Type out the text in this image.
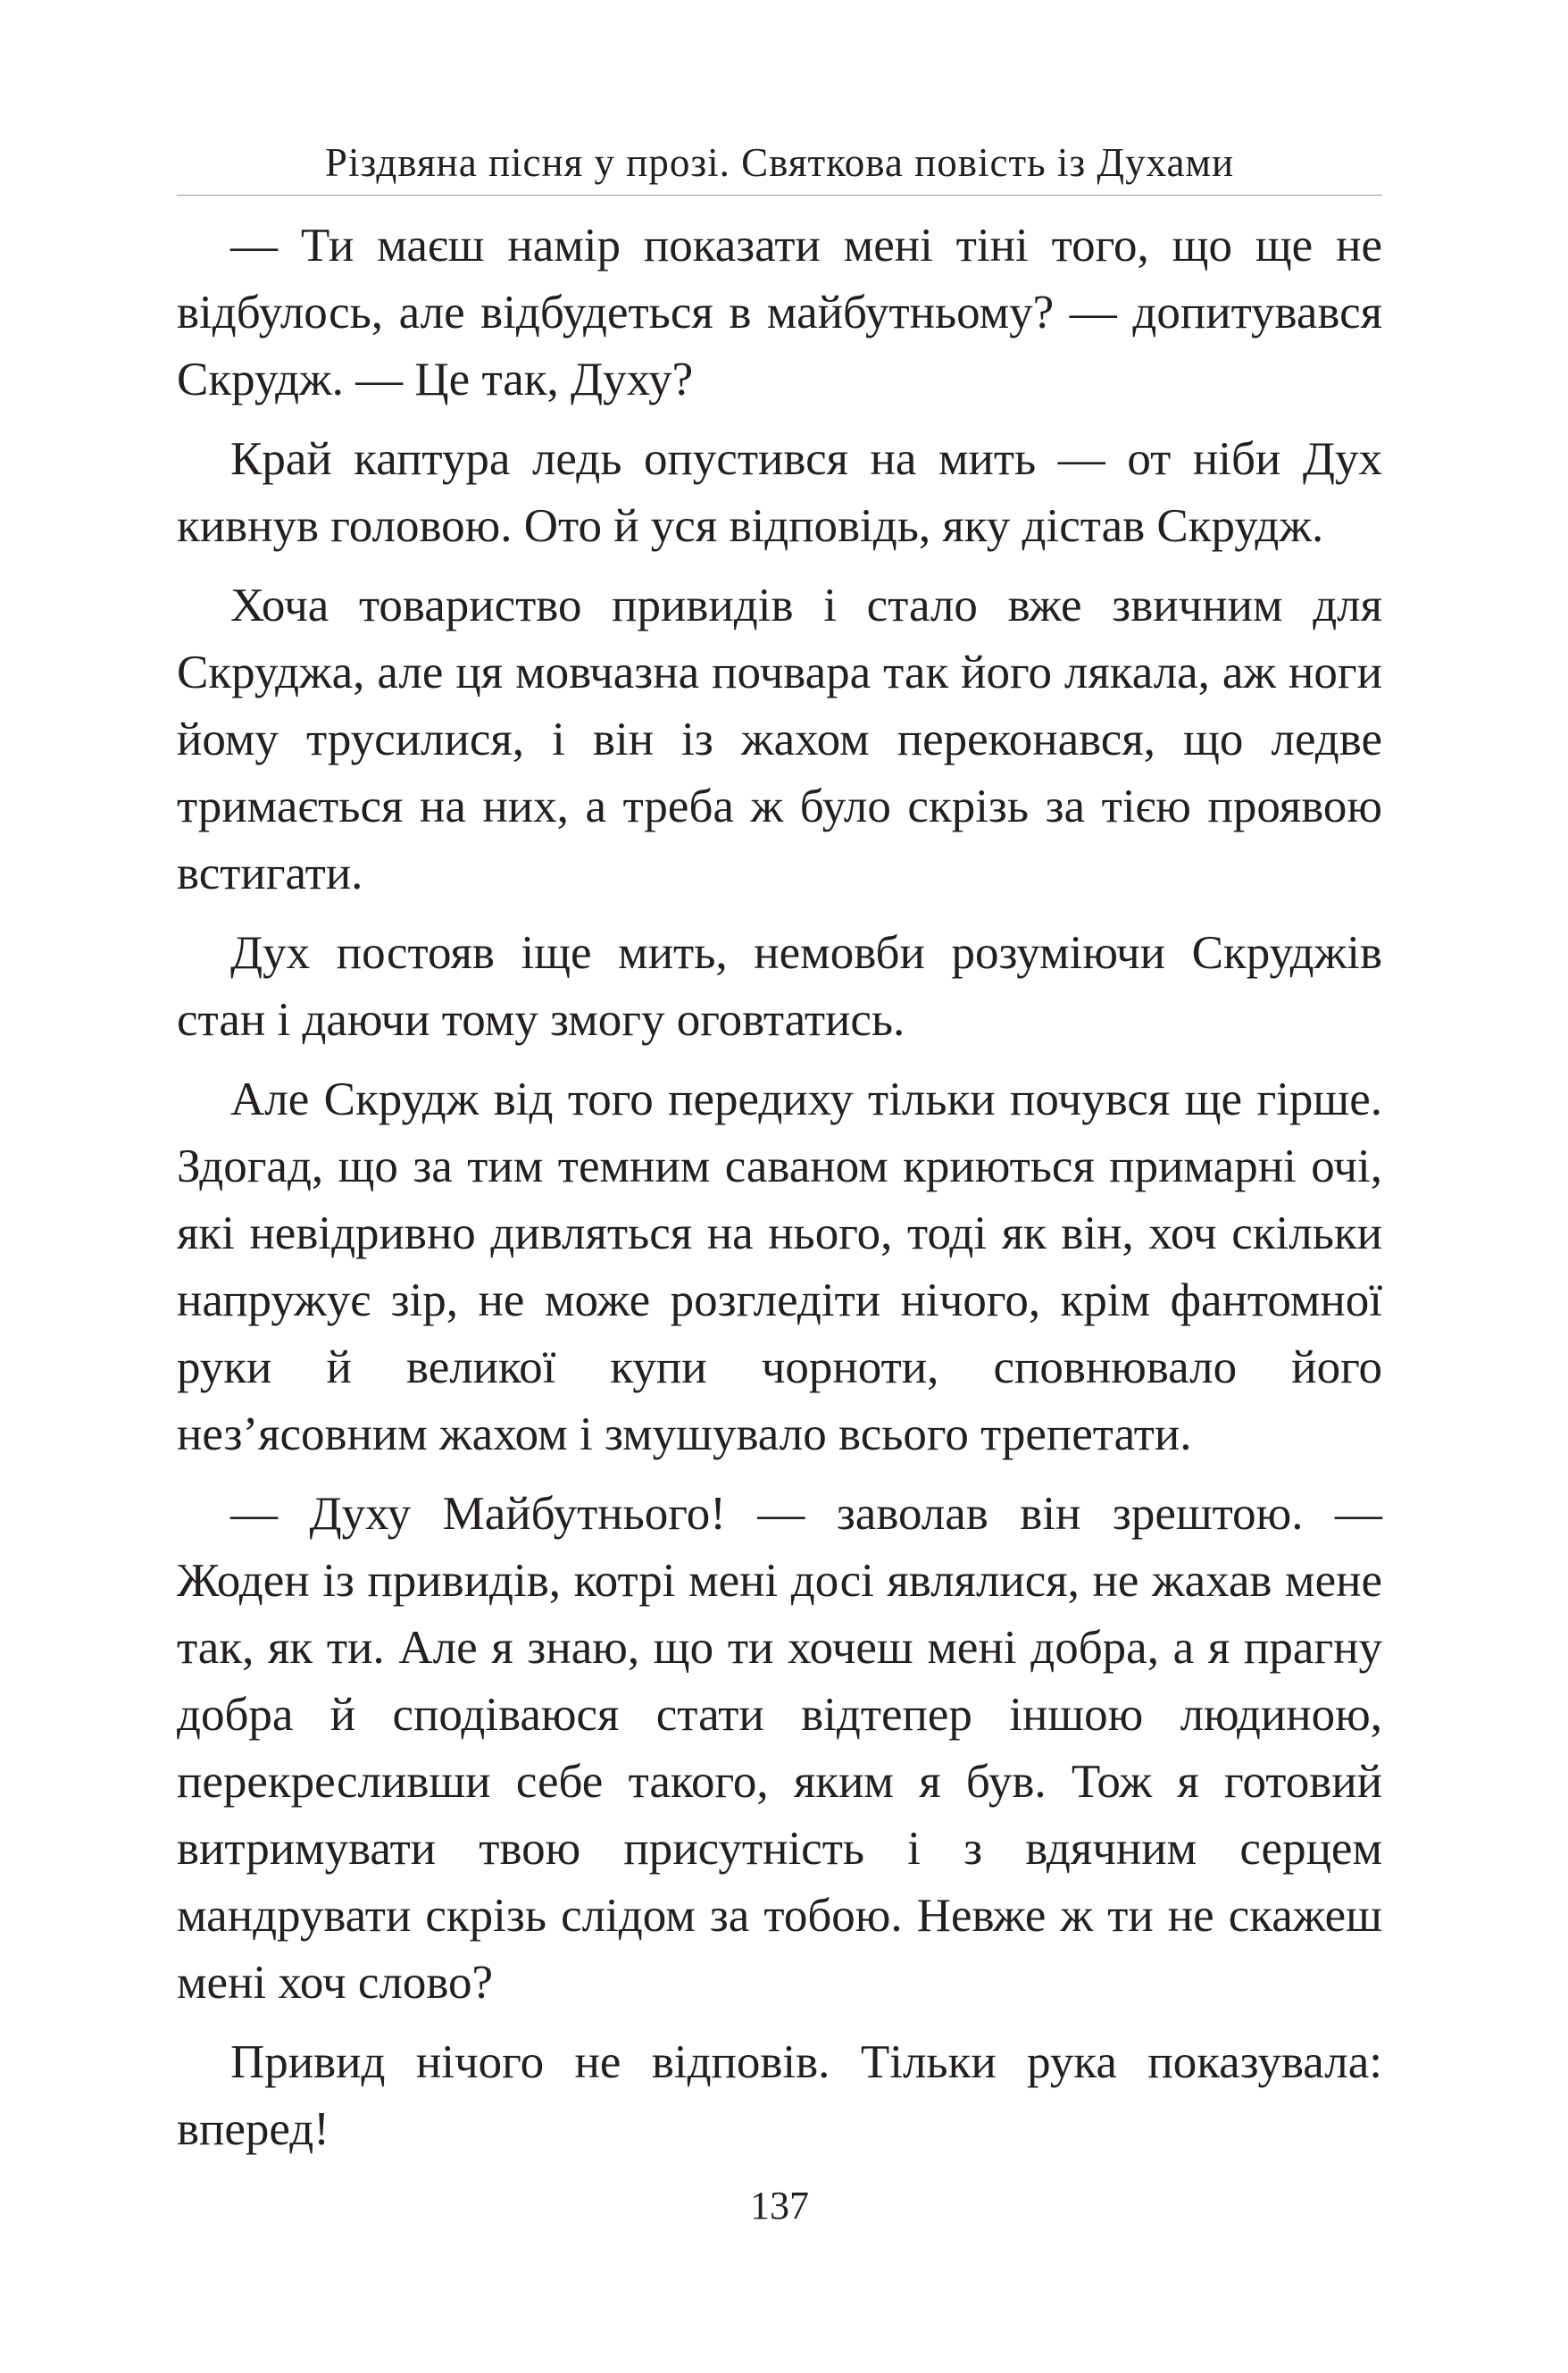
Різдвяна пісня у прозі. Святкова повість із Духами

— Ти маєш намір показати мені тіні того, що ще не відбулось, але відбудеться в майбутньому? — допитувався Скрудж. — Це так, Духу?

Край каптура ледь опустився на мить — от ніби Дух кивнув головою. Ото й уся відповідь, яку дістав Скрудж.

Хоча товариство привидів і стало вже звичним для Скруджа, але ця мовчазна почвара так його лякала, аж ноги йому трусилися, і він із жахом переконався, що ледве тримається на них, а треба ж було скрізь за тією проявою встигати.

Дух постояв іще мить, немовби розуміючи Скруджів стан і даючи тому змогу оговтатись.

Але Скрудж від того передиху тільки почувся ще гірше. Здогад, що за тим темним саваном криються примарні очі, які невідривно дивляться на нього, тоді як він, хоч скільки напружує зір, не може розгледіти нічого, крім фантомної руки й великої купи чорноти, сповнювало його нез’ясовним жахом і змушувало всього трепетати.

— Духу Майбутнього! — заволав він зрештою. — Жоден із привидів, котрі мені досі являлися, не жахав мене так, як ти. Але я знаю, що ти хочеш мені добра, а я прагну добра й сподіваюся стати відтепер іншою людиною, перекресливши себе такого, яким я був. Тож я готовий витримувати твою присутність і з вдячним серцем мандрувати скрізь слідом за тобою. Невже ж ти не скажеш мені хоч слово?

Привид нічого не відповів. Тільки рука показувала: вперед!

137
